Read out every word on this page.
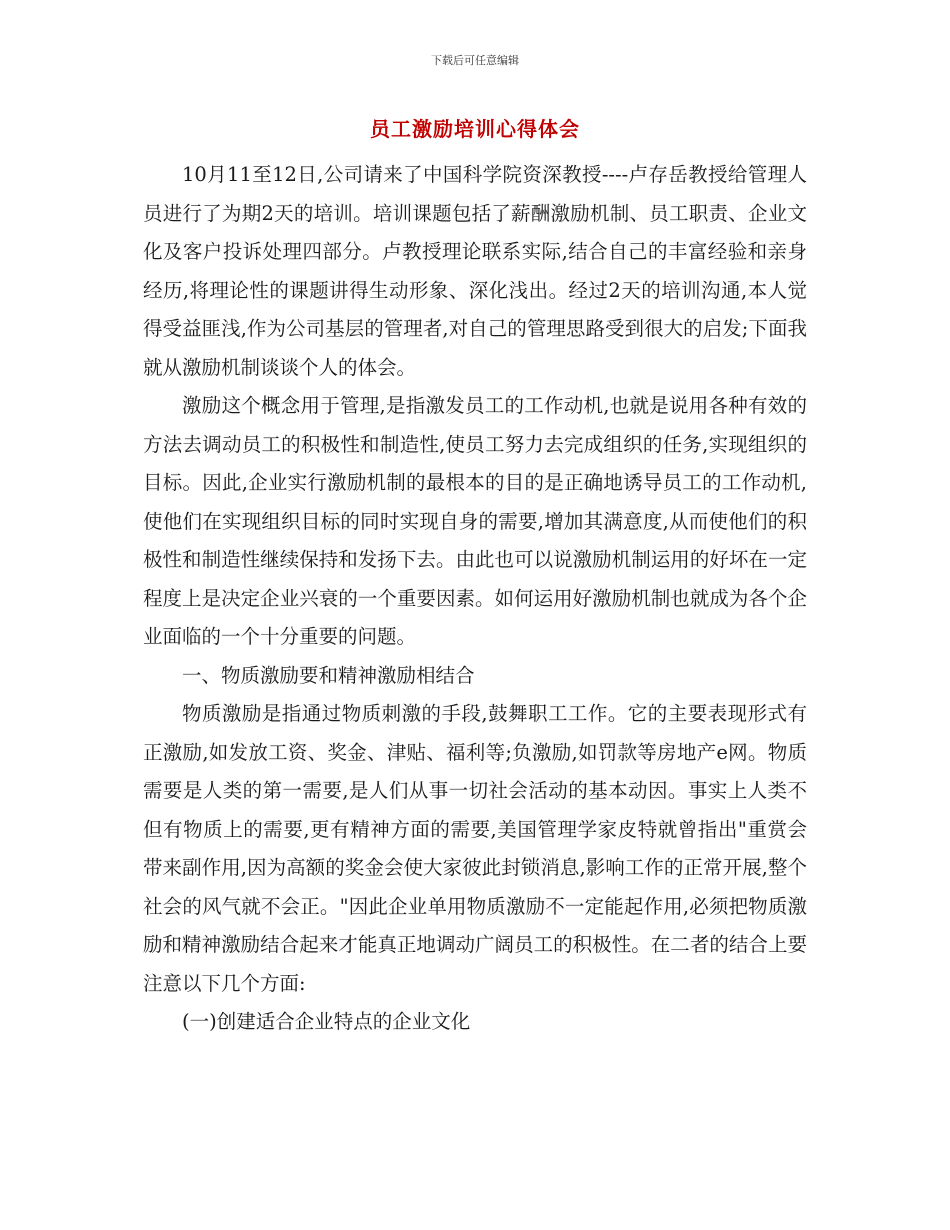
下载后可任意编辑
员工激励培训心得体会

10月11至12日,公司请来了中国科学院资深教授----卢存岳教授给管理人员进行了为期2天的培训。培训课题包括了薪酬激励机制、员工职责、企业文化及客户投诉处理四部分。卢教授理论联系实际,结合自己的丰富经验和亲身经历,将理论性的课题讲得生动形象、深化浅出。经过2天的培训沟通,本人觉得受益匪浅,作为公司基层的管理者,对自己的管理思路受到很大的启发;下面我就从激励机制谈谈个人的体会。

激励这个概念用于管理,是指激发员工的工作动机,也就是说用各种有效的方法去调动员工的积极性和制造性,使员工努力去完成组织的任务,实现组织的目标。因此,企业实行激励机制的最根本的目的是正确地诱导员工的工作动机,使他们在实现组织目标的同时实现自身的需要,增加其满意度,从而使他们的积极性和制造性继续保持和发扬下去。由此也可以说激励机制运用的好坏在一定程度上是决定企业兴衰的一个重要因素。如何运用好激励机制也就成为各个企业面临的一个十分重要的问题。

一、物质激励要和精神激励相结合

物质激励是指通过物质刺激的手段,鼓舞职工工作。它的主要表现形式有正激励,如发放工资、奖金、津贴、福利等;负激励,如罚款等房地产e网。物质需要是人类的第一需要,是人们从事一切社会活动的基本动因。事实上人类不但有物质上的需要,更有精神方面的需要,美国管理学家皮特就曾指出"重赏会带来副作用,因为高额的奖金会使大家彼此封锁消息,影响工作的正常开展,整个社会的风气就不会正。"因此企业单用物质激励不一定能起作用,必须把物质激励和精神激励结合起来才能真正地调动广阔员工的积极性。在二者的结合上要注意以下几个方面:

(一)创建适合企业特点的企业文化
